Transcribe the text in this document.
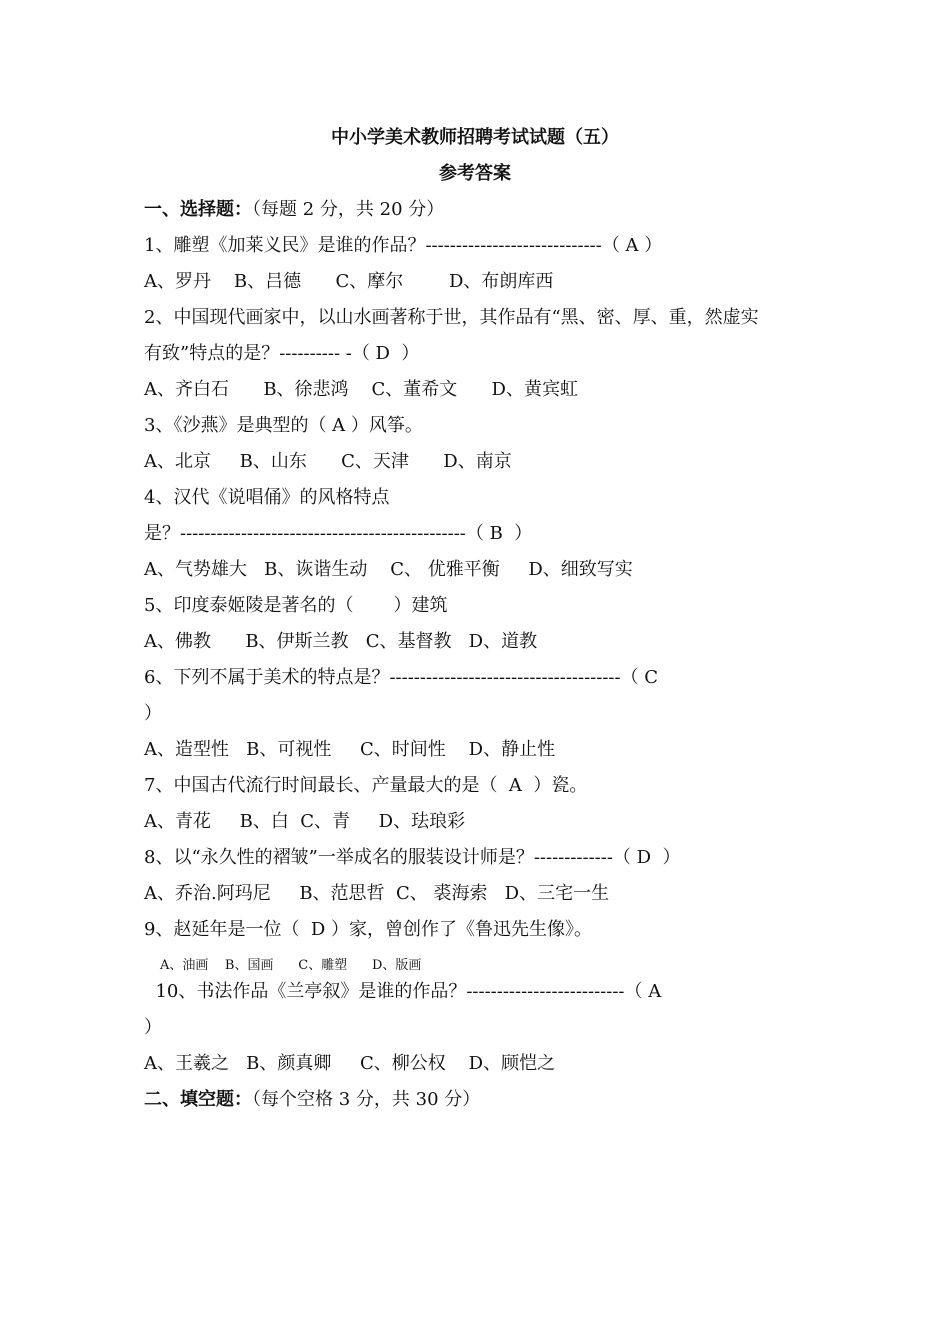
中小学美术教师招聘考试试题（五）
参考答案
一、选择题：（每题 2 分，共 20 分）
1、雕塑《加莱义民》是谁的作品？-----------------------------（ A ）
A、罗丹    B、吕德      C、摩尔        D、布朗库西
2、中国现代画家中，以山水画著称于世，其作品有“黑、密、厚、重，然虚实
有致”特点的是？---------- -（ D  ）
A、齐白石      B、徐悲鸿    C、董希文      D、黄宾虹
3、《沙燕》是典型的（ A ）风筝。
A、北京     B、山东      C、天津      D、南京
4、汉代《说唱俑》的风格特点
是？-----------------------------------------------（ B  ）
A、气势雄大   B、诙谐生动    C、 优雅平衡     D、细致写实
5、印度泰姬陵是著名的（       ）建筑
A、佛教      B、伊斯兰教   C、基督教   D、道教
6、下列不属于美术的特点是？--------------------------------------（ C
）
A、造型性   B、可视性     C、时间性    D、静止性
7、中国古代流行时间最长、产量最大的是（  A  ）瓷。
A、青花     B、白  C、青     D、珐琅彩
8、以“永久性的褶皱”一举成名的服装设计师是？-------------（ D  ）
A、乔治.阿玛尼     B、范思哲  C、 裘海索   D、三宅一生
9、赵延年是一位（  D ）家，曾创作了《鲁迅先生像》。
A、油画    B、国画      C、雕塑      D、版画
10、书法作品《兰亭叙》是谁的作品？--------------------------（ A
）
A、王羲之   B、颜真卿     C、柳公权    D、顾恺之
二、填空题：（每个空格 3 分，共 30 分）
